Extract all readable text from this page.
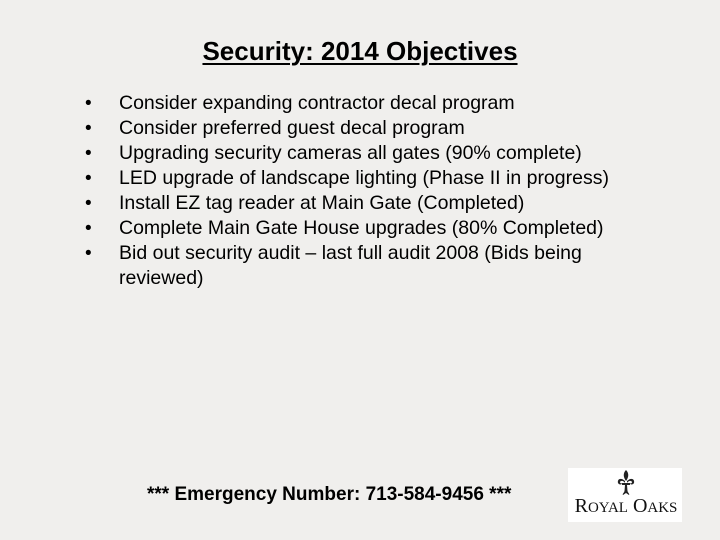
Security: 2014 Objectives
•	Consider expanding contractor decal program
•	Consider preferred guest decal program
•	Upgrading security cameras all gates (90% complete)
•	LED upgrade of landscape lighting (Phase II in progress)
•	Install EZ tag reader at Main Gate (Completed)
•	Complete Main Gate House upgrades (80% Completed)
•	Bid out security audit – last full audit 2008 (Bids being reviewed)
*** Emergency Number: 713-584-9456 ***
ROYAL OAKS
